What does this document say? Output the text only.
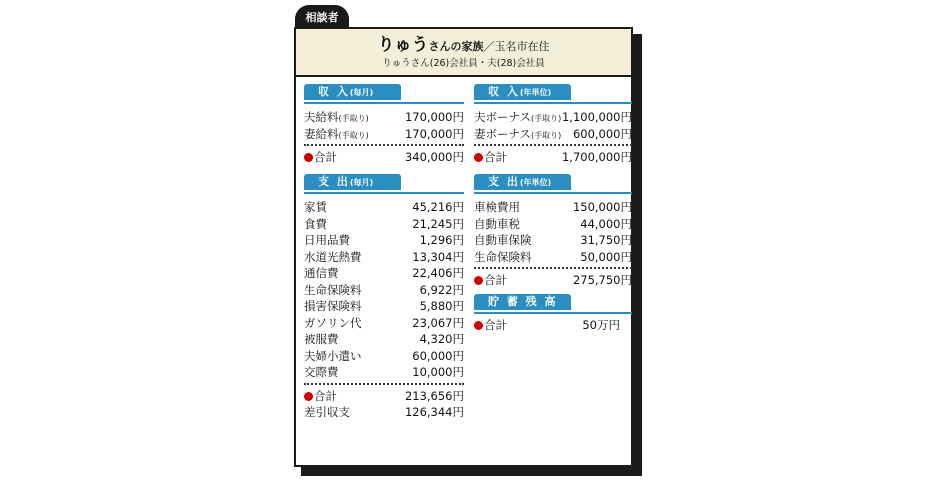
相談者
りゅうさんの家族／玉名市在住
りゅうさん(26)会社員・夫(28)会社員
収 入(毎月)
夫給料(手取り)	170,000円
妻給料(手取り)	170,000円
合計	340,000円
収 入(年単位)
夫ボーナス(手取り) 1,100,000円
妻ボーナス(手取り) 600,000円
合計	1,700,000円
支 出(毎月)
家賃	45,216円
食費	21,245円
日用品費	1,296円
水道光熱費	13,304円
通信費	22,406円
生命保険料	6,922円
損害保険料	5,880円
ガソリン代	23,067円
被服費	4,320円
夫婦小遣い	60,000円
交際費	10,000円
合計	213,656円
差引収支	126,344円
支 出(年単位)
車検費用	150,000円
自動車税	44,000円
自動車保険	31,750円
生命保険料	50,000円
合計	275,750円
貯 蓄 残 高
合計	50万円
